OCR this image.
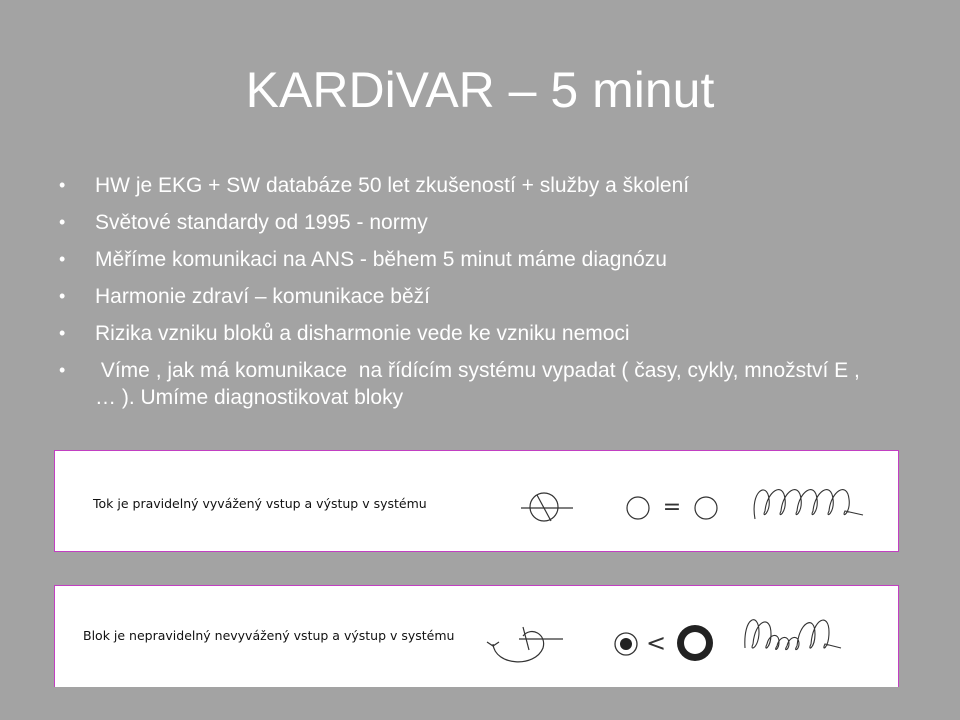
KARDiVAR – 5 minut
• HW je EKG + SW databáze 50 let zkušeností + služby a školení
• Světové standardy od 1995 - normy
• Měříme komunikaci na ANS - během 5 minut máme diagnózu
• Harmonie zdraví – komunikace běží
• Rizika vzniku bloků a disharmonie vede ke vzniku nemoci
• Víme , jak má komunikace  na řídícím systému vypadat ( časy, cykly, množství E , … ). Umíme diagnostikovat bloky
Tok je pravidelný vyvážený vstup a výstup v systému	=
Blok je nepravidelný nevyvážený vstup a výstup v systému	<
